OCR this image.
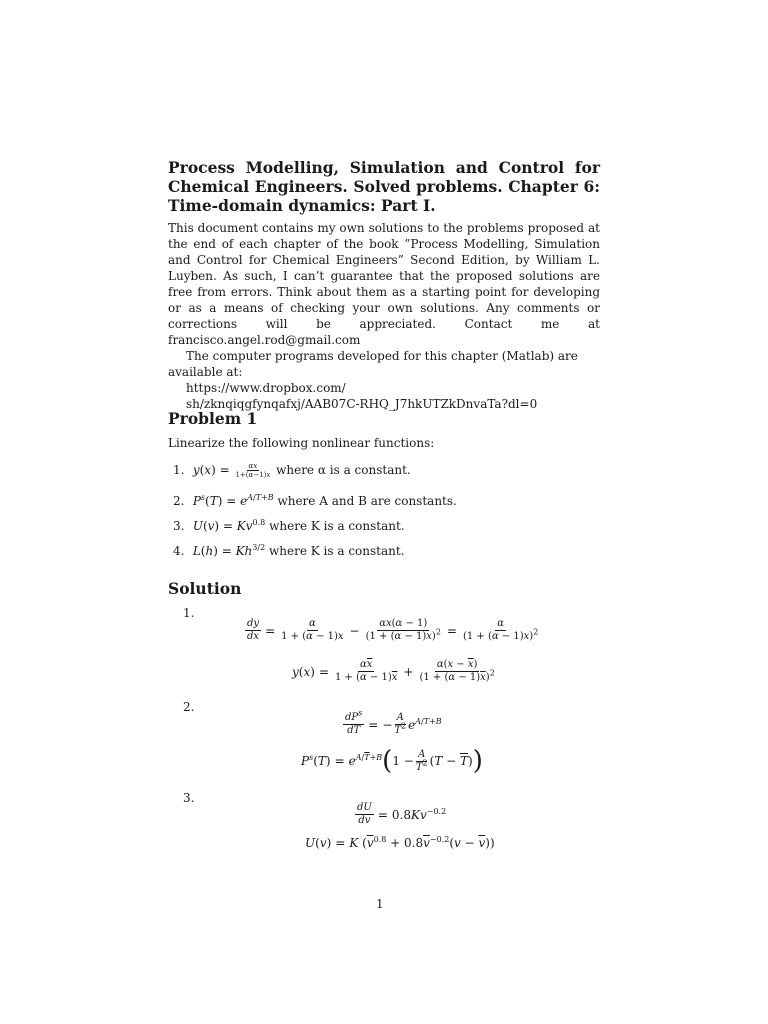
Process Modelling, Simulation and Control for Chemical Engineers. Solved problems. Chapter 6: Time-domain dynamics: Part I.

This document contains my own solutions to the problems proposed at the end of each chapter of the book ”Process Modelling, Simulation and Control for Chemical Engineers” Second Edition, by William L. Luyben. As such, I can’t guarantee that the proposed solutions are free from errors. Think about them as a starting point for developing or as a means of checking your own solutions. Any comments or corrections will be appreciated. Contact me at francisco.angel.rod@gmail.com

The computer programs developed for this chapter (Matlab) are available at:

https://www.dropbox.com/

sh/zknqiqgfynqafxj/AAB07C-RHQ_J7hkUTZkDnvaTa?dl=0

Problem 1

Linearize the following nonlinear functions:

1. $y(x) = \frac{\alpha x}{1+(\alpha-1)x}$ where α is a constant.
2. $P^s(T) = e^{A/T+B}$ where A and B are constants.
3. $U(v) = Kv^{0.8}$ where K is a constant.
4. $L(h) = Kh^{3/2}$ where K is a constant.
Solution
1.
$\frac{dy}{dx} = \frac{\alpha}{1 + (\alpha - 1)x} - \frac{\alpha x(\alpha - 1)}{(1 + (\alpha - 1)x)^2} = \frac{\alpha}{(1 + (\alpha - 1)x)^2}$
$y(x) = \frac{\alpha\overline{x}}{1 + (\alpha - 1)\overline{x}} + \frac{\alpha(x - \overline{x})}{(1 + (\alpha - 1)\overline{x})^2}$
2.
$\frac{dP^s}{dT}$ = − $\frac{A}{T^2} e^{A/T+B}$
$P^s(T) = e^{A/\overline{T}+B}$ ( $1 - \frac{A}{\overline{T}^2} (T - \overline{T})$ )
3.
$\frac{dU}{dv} = 0.8Kv^{-0.2}$
U(v) = K $(\overline{v}^{0.8} + 0.8\overline{v}^{-0.2}(v - \overline{v}))$
1
